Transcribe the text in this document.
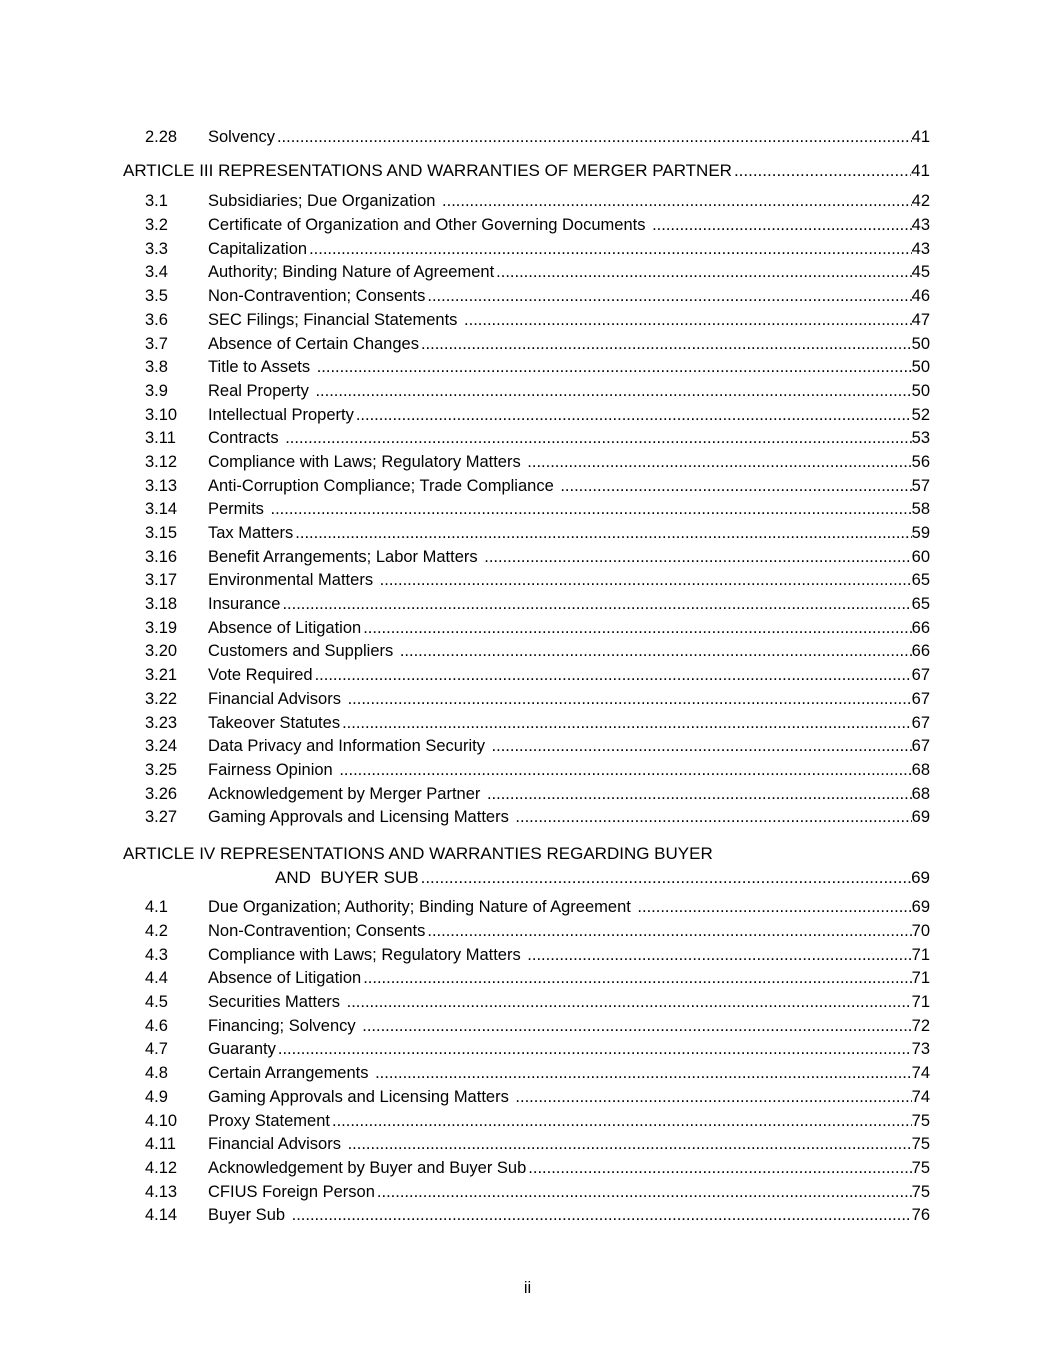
2.28	Solvency .....	41
ARTICLE III REPRESENTATIONS AND WARRANTIES OF MERGER PARTNER .....	41
3.1	Subsidiaries; Due Organization .....	42
3.2	Certificate of Organization and Other Governing Documents .....	43
3.3	Capitalization .....	43
3.4	Authority; Binding Nature of Agreement .....	45
3.5	Non-Contravention; Consents .....	46
3.6	SEC Filings; Financial Statements .....	47
3.7	Absence of Certain Changes .....	50
3.8	Title to Assets .....	50
3.9	Real Property .....	50
3.10	Intellectual Property .....	52
3.11	Contracts .....	53
3.12	Compliance with Laws; Regulatory Matters .....	56
3.13	Anti-Corruption Compliance; Trade Compliance .....	57
3.14	Permits .....	58
3.15	Tax Matters .....	59
3.16	Benefit Arrangements; Labor Matters .....	60
3.17	Environmental Matters .....	65
3.18	Insurance .....	65
3.19	Absence of Litigation .....	66
3.20	Customers and Suppliers .....	66
3.21	Vote Required .....	67
3.22	Financial Advisors .....	67
3.23	Takeover Statutes .....	67
3.24	Data Privacy and Information Security .....	67
3.25	Fairness Opinion .....	68
3.26	Acknowledgement by Merger Partner .....	68
3.27	Gaming Approvals and Licensing Matters .....	69
ARTICLE IV REPRESENTATIONS AND WARRANTIES REGARDING BUYER
AND  BUYER SUB .....	69
4.1	Due Organization; Authority; Binding Nature of Agreement .....	69
4.2	Non-Contravention; Consents .....	70
4.3	Compliance with Laws; Regulatory Matters .....	71
4.4	Absence of Litigation .....	71
4.5	Securities Matters .....	71
4.6	Financing; Solvency .....	72
4.7	Guaranty .....	73
4.8	Certain Arrangements .....	74
4.9	Gaming Approvals and Licensing Matters .....	74
4.10	Proxy Statement .....	75
4.11	Financial Advisors .....	75
4.12	Acknowledgement by Buyer and Buyer Sub .....	75
4.13	CFIUS Foreign Person .....	75
4.14	Buyer Sub .....	76
ii
